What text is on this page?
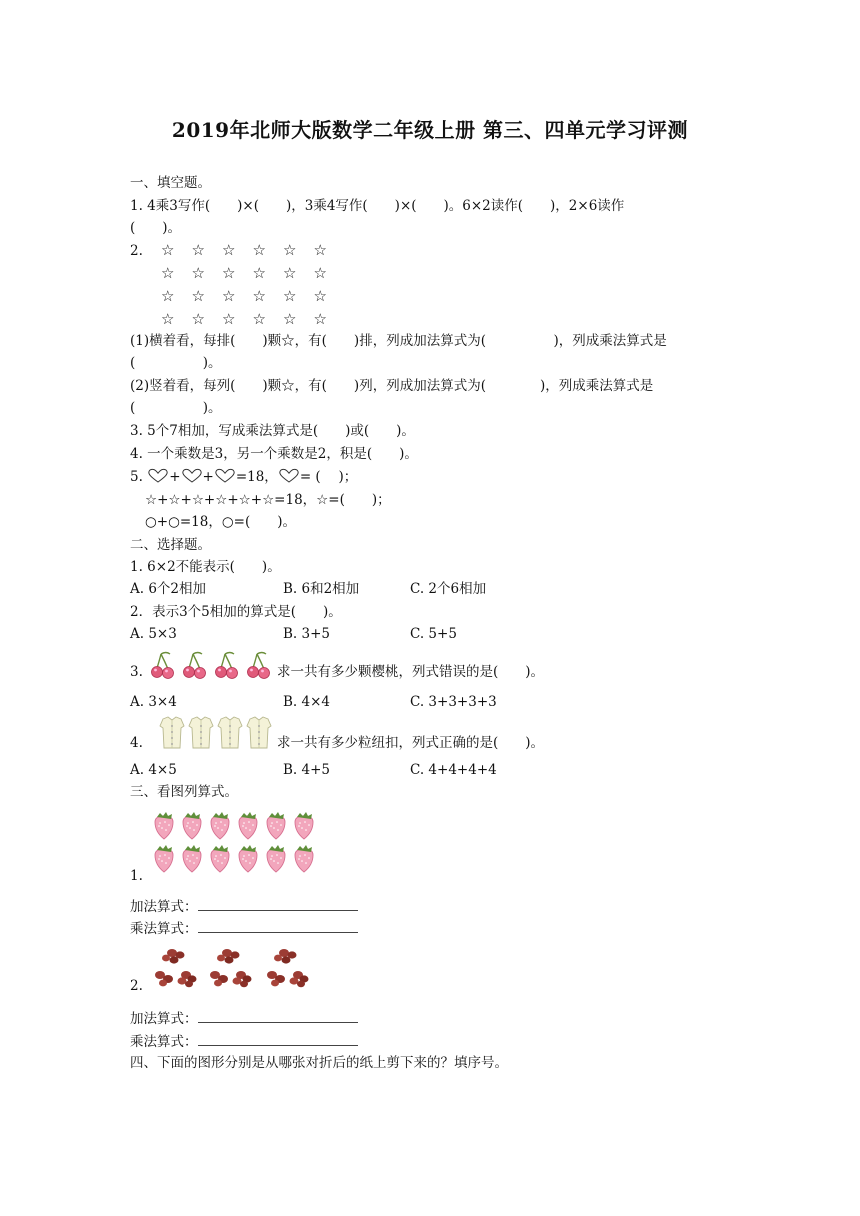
2019年北师大版数学二年级上册 第三、四单元学习评测
一、填空题。
1. 4乘3写作(　　)×(　　)，3乘4写作(　　)×(　　)。6×2读作(　　)，2×6读作
(　　)。
2. ☆ ☆ ☆ ☆ ☆ ☆
☆ ☆ ☆ ☆ ☆ ☆
☆ ☆ ☆ ☆ ☆ ☆
☆ ☆ ☆ ☆ ☆ ☆
(1)横着看，每排(　　)颗☆，有(　　)排，列成加法算式为(　　　　　)，列成乘法算式是
(　　　　　)。
(2)竖着看，每列(　　)颗☆，有(　　)列，列成加法算式为(　　　　)，列成乘法算式是
(　　　　　)。
3. 5个7相加，写成乘法算式是(　　)或(　　)。
4. 一个乘数是3，另一个乘数是2，积是(　　)。
5. + + =18， = (　 )；
☆+☆+☆+☆+☆+☆=18，☆=(　　)；
○+○=18，○=(　　)。
二、选择题。
1. 6×2不能表示(　　)。
A. 6个2相加	B. 6和2相加	C. 2个6相加
2．表示3个5相加的算式是(　　)。
A. 5×3	B. 3+5	C. 5+5
3.	求一共有多少颗樱桃，列式错误的是(　　)。
A. 3×4	B. 4×4	C. 3+3+3+3
4.	求一共有多少粒纽扣，列式正确的是(　　)。
A. 4×5	B. 4+5	C. 4+4+4+4
三、看图列算式。
1.
加法算式：
乘法算式：
2.
加法算式：
乘法算式：
四、下面的图形分别是从哪张对折后的纸上剪下来的？填序号。
